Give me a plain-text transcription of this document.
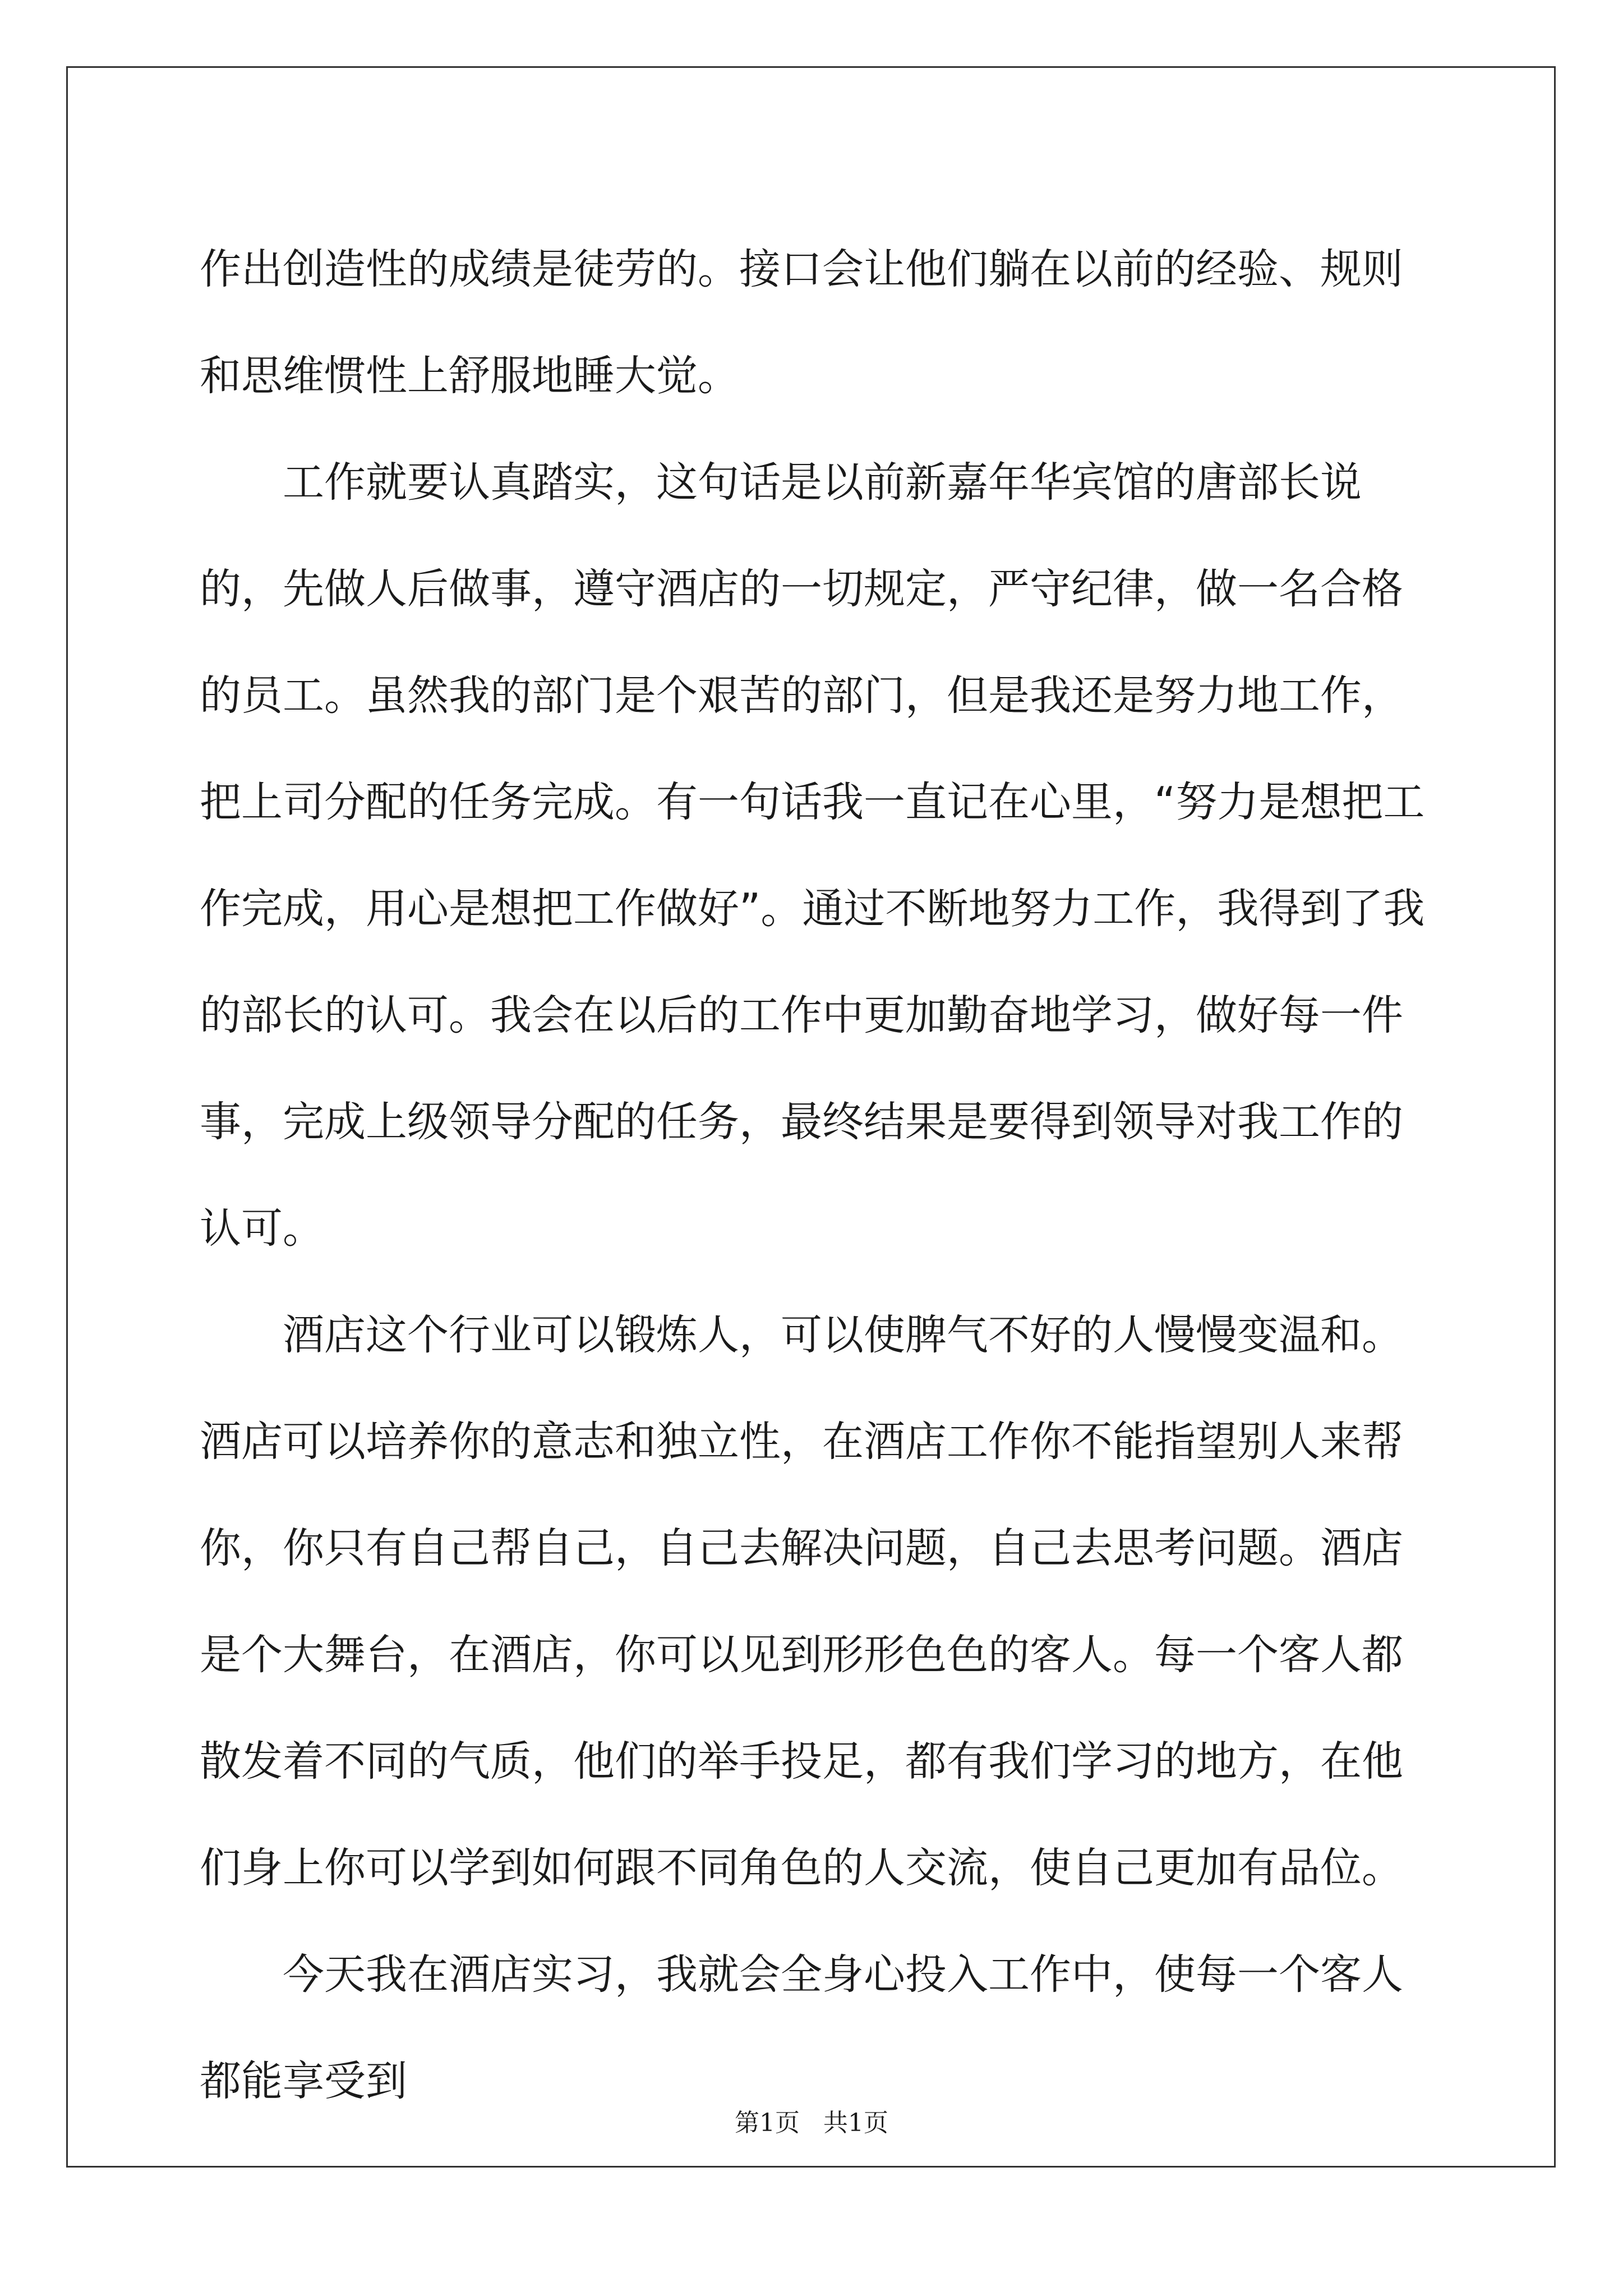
作出创造性的成绩是徒劳的。接口会让他们躺在以前的经验、规则和思维惯性上舒服地睡大觉。

工作就要认真踏实，这句话是以前新嘉年华宾馆的唐部长说的，先做人后做事，遵守酒店的一切规定，严守纪律，做一名合格的员工。虽然我的部门是个艰苦的部门，但是我还是努力地工作，把上司分配的任务完成。有一句话我一直记在心里，“努力是想把工作完成，用心是想把工作做好”。通过不断地努力工作，我得到了我的部长的认可。我会在以后的工作中更加勤奋地学习，做好每一件事，完成上级领导分配的任务，最终结果是要得到领导对我工作的认可。

酒店这个行业可以锻炼人，可以使脾气不好的人慢慢变温和。酒店可以培养你的意志和独立性，在酒店工作你不能指望别人来帮你，你只有自己帮自己，自己去解决问题，自己去思考问题。酒店是个大舞台，在酒店，你可以见到形形色色的客人。每一个客人都散发着不同的气质，他们的举手投足，都有我们学习的地方，在他们身上你可以学到如何跟不同角色的人交流，使自己更加有品位。

今天我在酒店实习，我就会全身心投入工作中，使每一个客人都能享受到

第1页   共1页
